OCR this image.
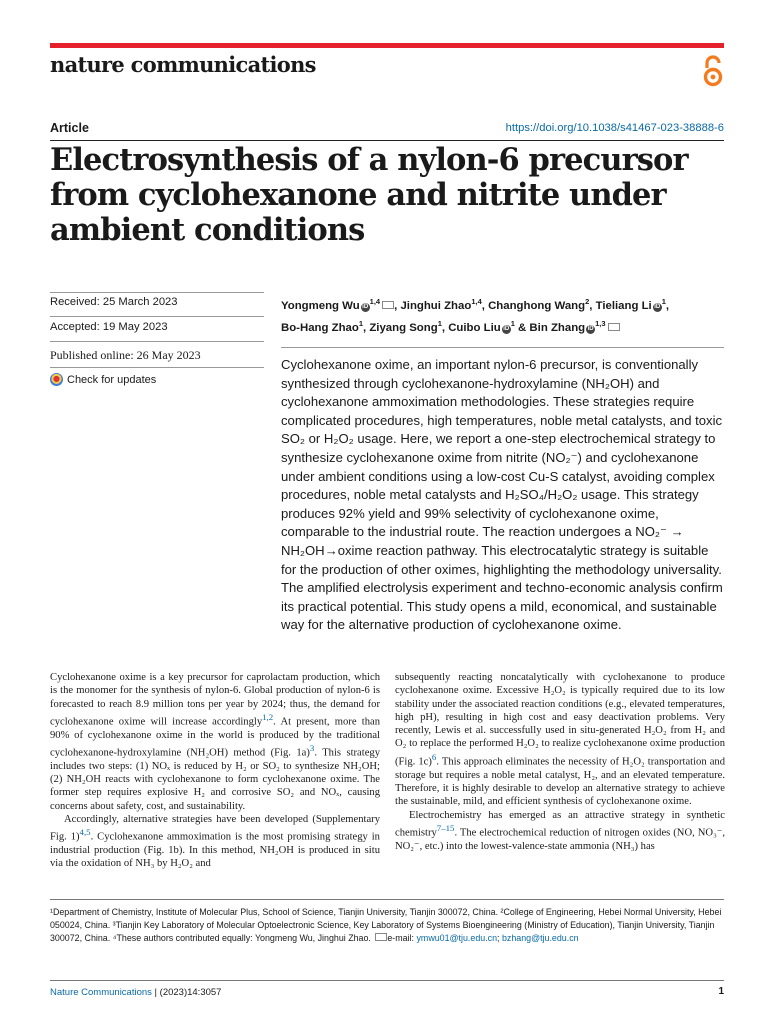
nature communications
Article	https://doi.org/10.1038/s41467-023-38888-6
Electrosynthesis of a nylon-6 precursor from cyclohexanone and nitrite under ambient conditions
Received: 25 March 2023
Accepted: 19 May 2023
Published online: 26 May 2023
Check for updates
Yongmeng Wu iD$^{1,4}$ , Jinghui Zhao$^{1,4}$, Changhong Wang$^2$, Tieliang Li $iD^1$,
Bo-Hang Zhao$^1$, Ziyang Song$^1$, Cuibo Liu $iD^1$ & Bin Zhang iD$^{1,3}$
Cyclohexanone oxime, an important nylon-6 precursor, is conventionally synthesized through cyclohexanone-hydroxylamine (NH₂OH) and cyclohexanone ammoximation methodologies. These strategies require complicated procedures, high temperatures, noble metal catalysts, and toxic SO₂ or H₂O₂ usage. Here, we report a one-step electrochemical strategy to synthesize cyclohexanone oxime from nitrite (NO₂⁻) and cyclohexanone under ambient conditions using a low-cost Cu-S catalyst, avoiding complex procedures, noble metal catalysts and H₂SO₄/H₂O₂ usage. This strategy produces 92% yield and 99% selectivity of cyclohexanone oxime, comparable to the industrial route. The reaction undergoes a NO₂⁻ → NH₂OH→oxime reaction pathway. This electrocatalytic strategy is suitable for the production of other oximes, highlighting the methodology universality. The amplified electrolysis experiment and techno-economic analysis confirm its practical potential. This study opens a mild, economical, and sustainable way for the alternative production of cyclohexanone oxime.

Cyclohexanone oxime is a key precursor for caprolactam production, which is the monomer for the synthesis of nylon-6. Global production of nylon-6 is forecasted to reach 8.9 million tons per year by 2024; thus, the demand for cyclohexanone oxime will increase accordingly$^{1,2}$. At present, more than 90% of cyclohexanone oxime in the world is produced by the traditional cyclohexanone-hydroxylamine (NH₂OH) method (Fig. 1a)$^3$. This strategy includes two steps: (1) NOₓ is reduced by H₂ or SO₂ to synthesize NH₂OH; (2) NH₂OH reacts with cyclohexanone to form cyclohexanone oxime. The former step requires explosive H₂ and corrosive SO₂ and NOₓ, causing concerns about safety, cost, and sustainability.

Accordingly, alternative strategies have been developed (Supplementary Fig. 1)$^{4,5}$. Cyclohexanone ammoximation is the most promising strategy in industrial production (Fig. 1b). In this method, NH₂OH is produced in situ via the oxidation of NH₃ by H₂O₂ and

subsequently reacting noncatalytically with cyclohexanone to produce cyclohexanone oxime. Excessive H₂O₂ is typically required due to its low stability under the associated reaction conditions (e.g., elevated temperatures, high pH), resulting in high cost and easy deactivation problems. Very recently, Lewis et al. successfully used in situ-generated H₂O₂ from H₂ and O₂ to replace the performed H₂O₂ to realize cyclohexanone oxime production (Fig. 1c)$^6$. This approach eliminates the necessity of H₂O₂ transportation and storage but requires a noble metal catalyst, H₂, and an elevated temperature. Therefore, it is highly desirable to develop an alternative strategy to achieve the sustainable, mild, and efficient synthesis of cyclohexanone oxime.

Electrochemistry has emerged as an attractive strategy in synthetic chemistry$^{7-15}$. The electrochemical reduction of nitrogen oxides (NO, NO₃⁻, NO₂⁻, etc.) into the lowest-valence-state ammonia (NH₃) has

¹Department of Chemistry, Institute of Molecular Plus, School of Science, Tianjin University, Tianjin 300072, China. ²College of Engineering, Hebei Normal University, Hebei 050024, China. ³Tianjin Key Laboratory of Molecular Optoelectronic Science, Key Laboratory of Systems Bioengineering (Ministry of Education), Tianjin University, Tianjin 300072, China. ⁴These authors contributed equally: Yongmeng Wu, Jinghui Zhao. e-mail: ymwu01@tju.edu.cn; bzhang@tju.edu.cn
Nature Communications | (2023)14:3057	1
